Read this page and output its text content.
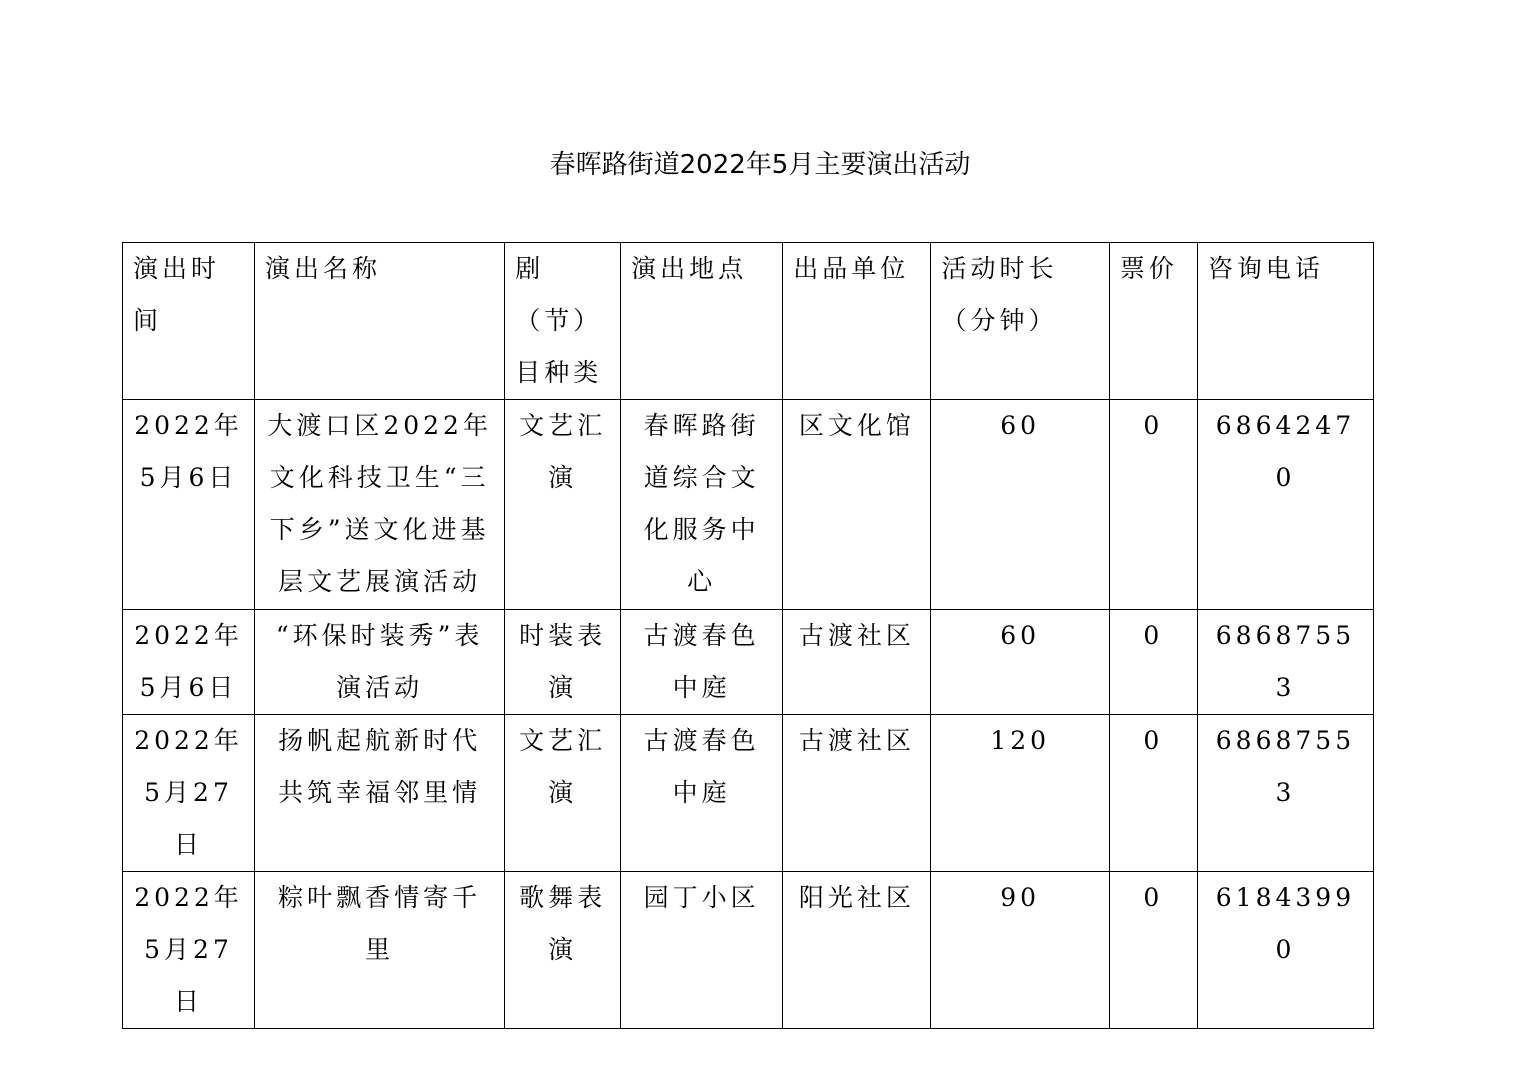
春晖路街道2022年5月主要演出活动
演出时间	演出名称	剧（节）目种类	演出地点	出品单位	活动时长（分钟）	票价	咨询电话
2022年5月6日	大渡口区2022年文化科技卫生“三下乡”送文化进基层文艺展演活动	文艺汇演	春晖路街道综合文化服务中心	区文化馆	60	0	68642470
2022年5月6日	“环保时装秀”表演活动	时装表演	古渡春色中庭	古渡社区	60	0	68687553
2022年5月27日	扬帆起航新时代共筑幸福邻里情	文艺汇演	古渡春色中庭	古渡社区	120	0	68687553
2022年5月27日	粽叶飘香情寄千里	歌舞表演	园丁小区	阳光社区	90	0	61843990
